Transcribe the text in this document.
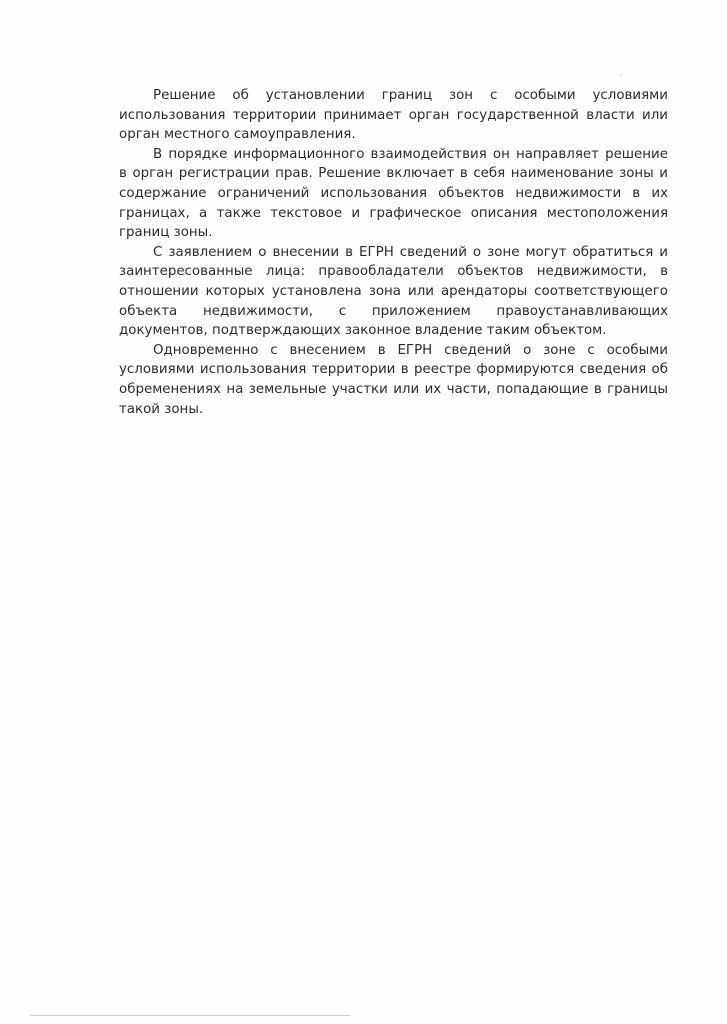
Решение об установлении границ зон с особыми условиями использования территории принимает орган государственной власти или орган местного самоуправления.

В порядке информационного взаимодействия он направляет решение в орган регистрации прав. Решение включает в себя наименование зоны и содержание ограничений использования объектов недвижимости в их границах, а также текстовое и графическое описания местоположения границ зоны.

С заявлением о внесении в ЕГРН сведений о зоне могут обратиться и заинтересованные лица: правообладатели объектов недвижимости, в отношении которых установлена зона или арендаторы соответствующего объекта недвижимости, с приложением правоустанавливающих документов, подтверждающих законное владение таким объектом.

Одновременно с внесением в ЕГРН сведений о зоне с особыми условиями использования территории в реестре формируются сведения об обременениях на земельные участки или их части, попадающие в границы такой зоны.
